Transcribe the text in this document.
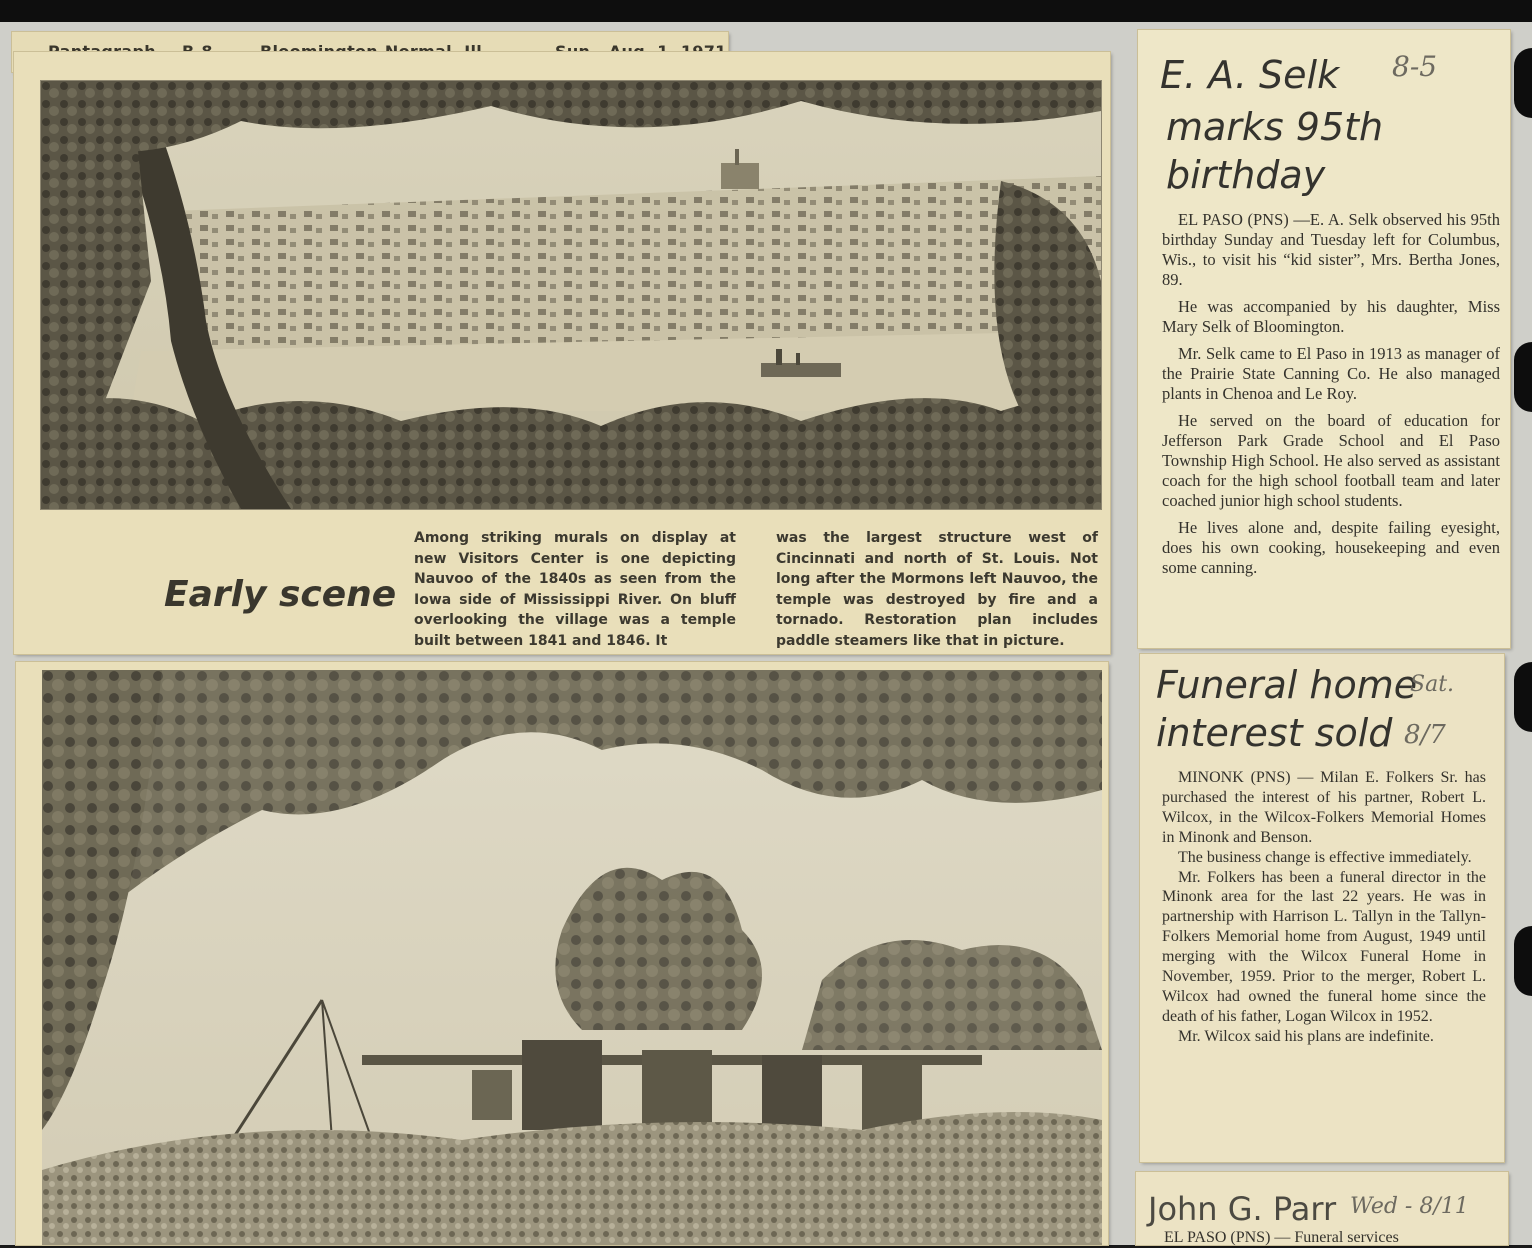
Early scene
Among striking murals on display at new Visitors Center is one depicting Nauvoo of the 1840s as seen from the Iowa side of Mississippi River. On bluff overlooking the village was a temple built between 1841 and 1846. It
was the largest structure west of Cincinnati and north of St. Louis. Not long after the Mormons left Nauvoo, the temple was destroyed by fire and a tornado. Restoration plan includes paddle steamers like that in picture.
E. A. Selk
marks 95th
birthday
8-5

EL PASO (PNS) —E. A. Selk observed his 95th birthday Sunday and Tuesday left for Columbus, Wis., to visit his “kid sister”, Mrs. Bertha Jones, 89.

He was accompanied by his daughter, Miss Mary Selk of Bloomington.

Mr. Selk came to El Paso in 1913 as manager of the Prairie State Canning Co. He also managed plants in Chenoa and Le Roy.

He served on the board of education for Jefferson Park Grade School and El Paso Township High School. He also served as assistant coach for the high school football team and later coached junior high school students.

He lives alone and, despite failing eyesight, does his own cooking, housekeeping and even some canning.

Funeral home
interest sold
Sat.
8/7

MINONK (PNS) — Milan E. Folkers Sr. has purchased the interest of his partner, Robert L. Wilcox, in the Wilcox-Folkers Memorial Homes in Minonk and Benson.

The business change is effective immediately.

Mr. Folkers has been a funeral director in the Minonk area for the last 22 years. He was in partnership with Harrison L. Tallyn in the Tallyn-Folkers Memorial home from August, 1949 until merging with the Wilcox Funeral Home in November, 1959. Prior to the merger, Robert L. Wilcox had owned the funeral home since the death of his father, Logan Wilcox in 1952.

Mr. Wilcox said his plans are indefinite.

John G. Parr Wed - 8/11
EL PASO (PNS) — Funeral services
